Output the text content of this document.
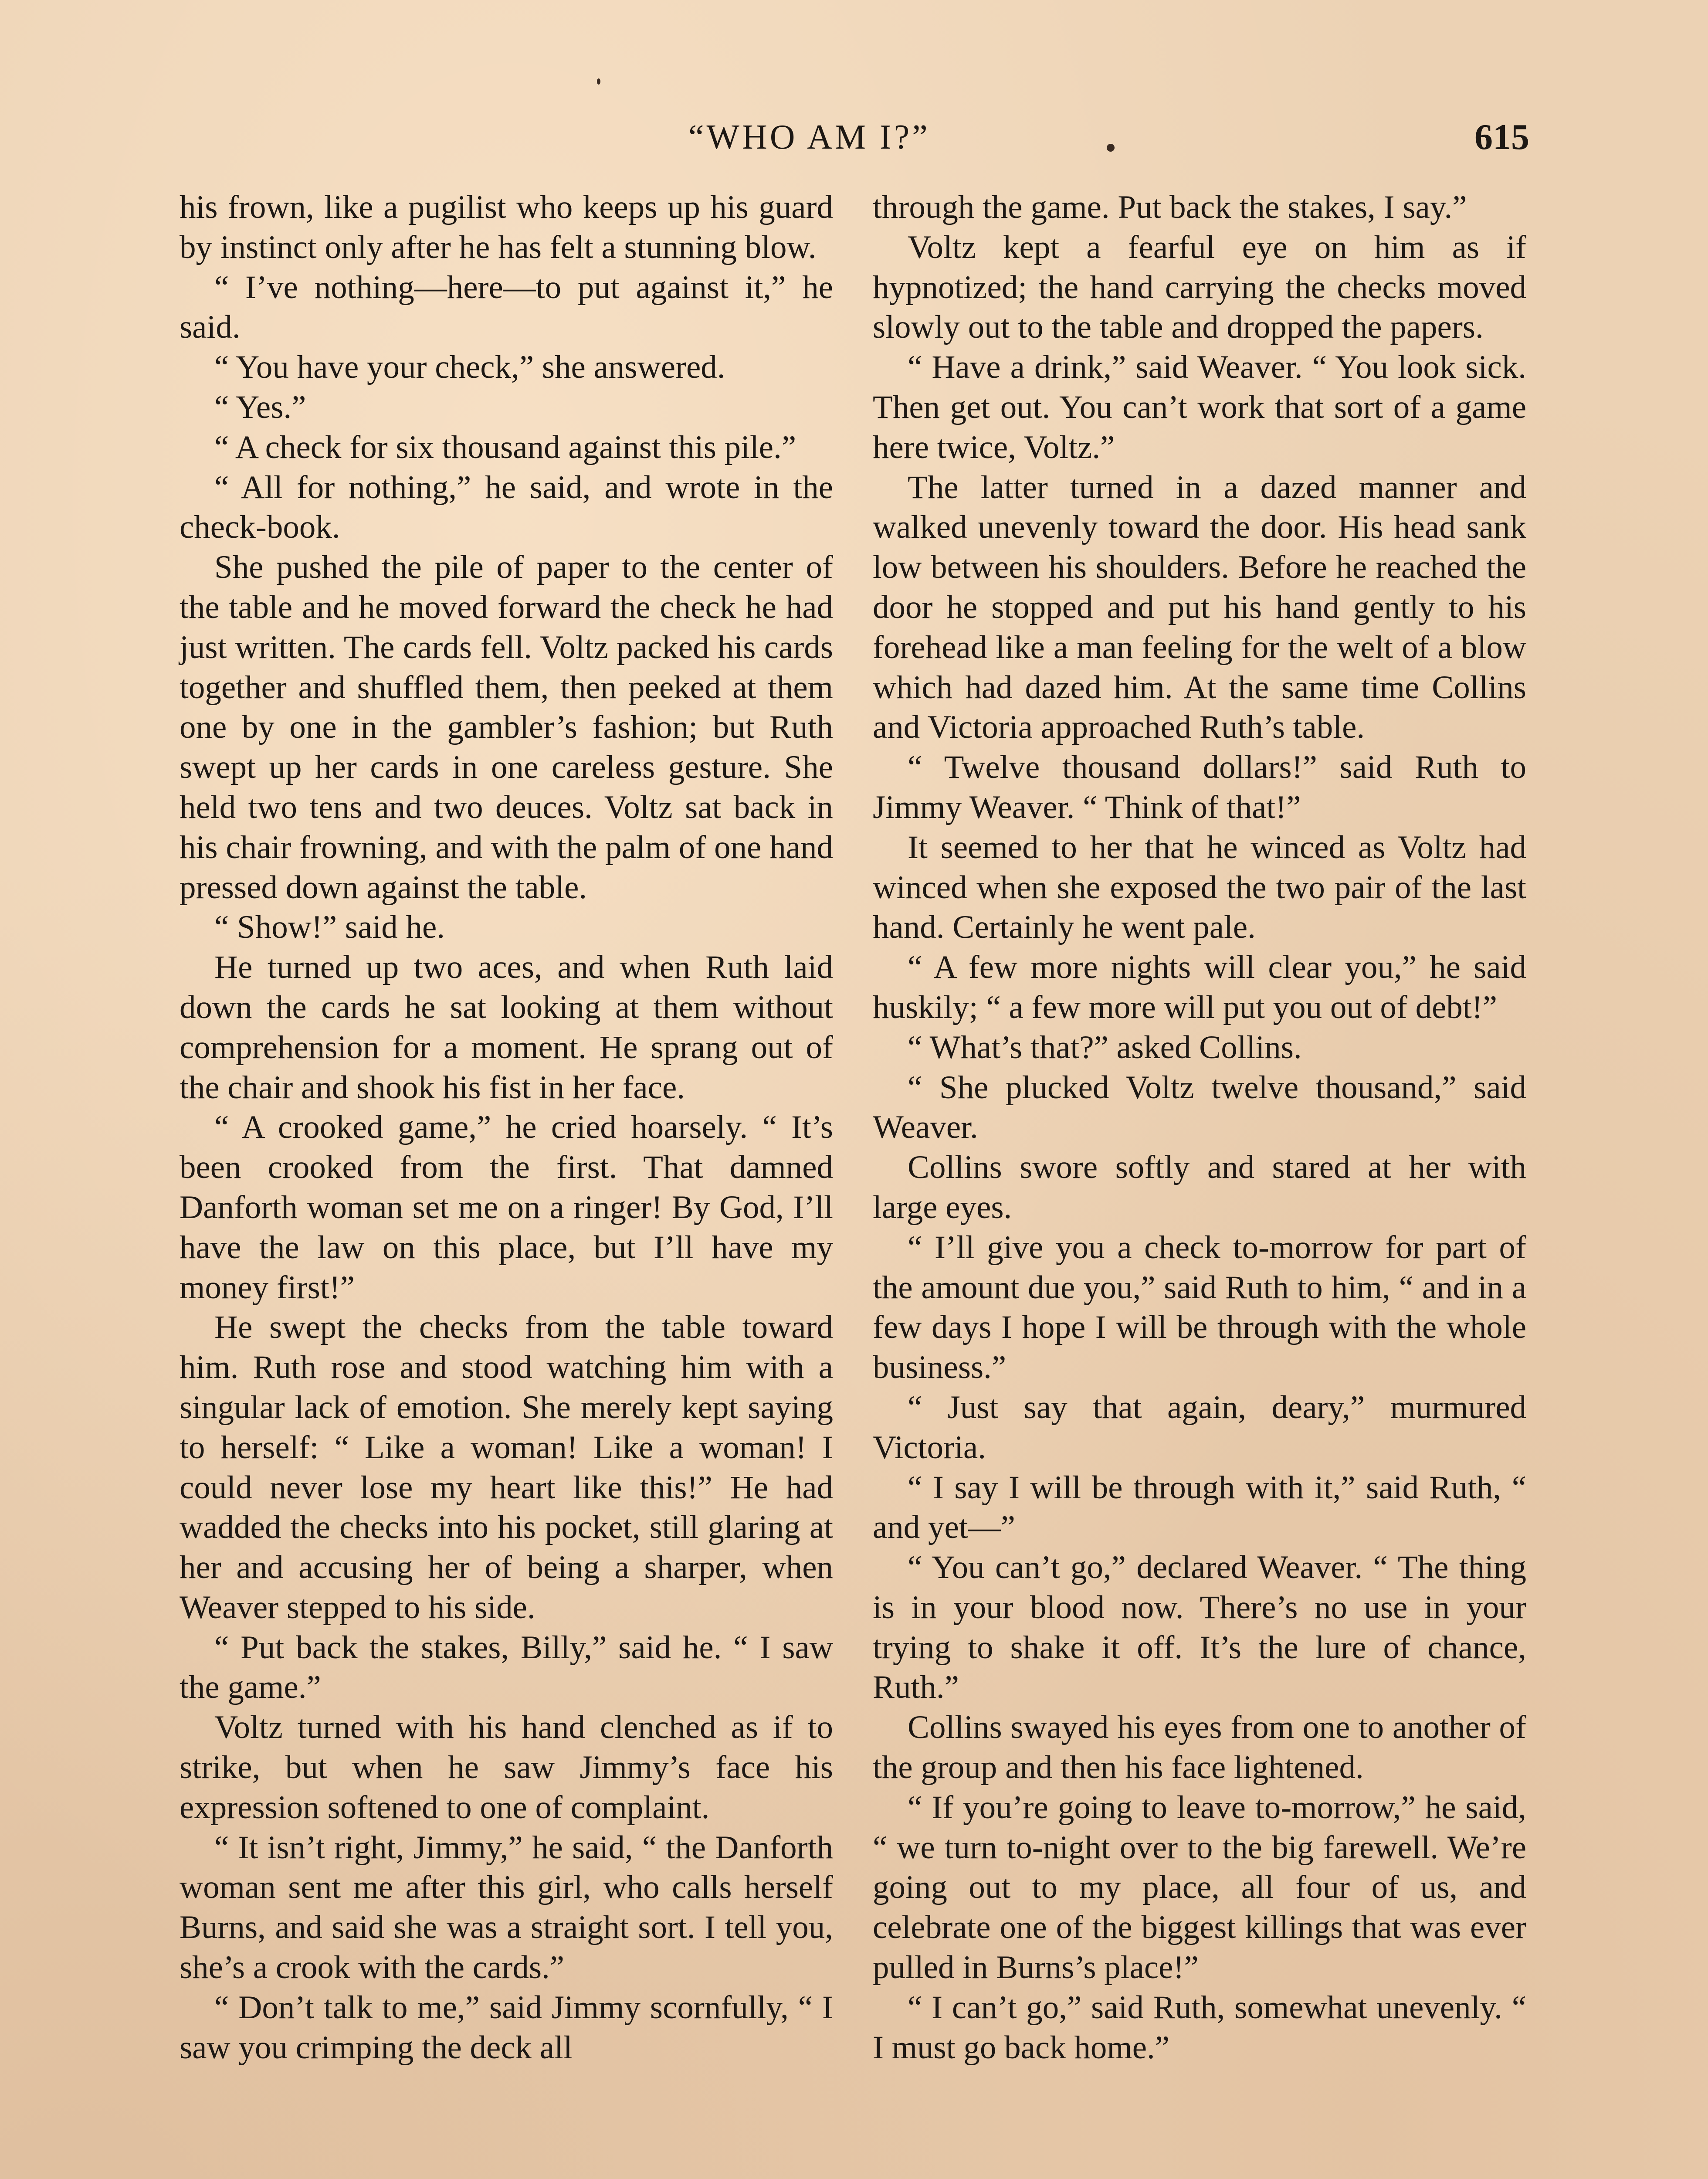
“WHO AM I?”	615

his frown, like a pugilist who keeps up his guard by instinct only after he has felt a stunning blow.

“ I’ve nothing—here—to put against it,” he said.

“ You have your check,” she answered.

“ Yes.”

“ A check for six thousand against this pile.”

“ All for nothing,” he said, and wrote in the check-book.

She pushed the pile of paper to the center of the table and he moved forward the check he had just written. The cards fell. Voltz packed his cards together and shuffled them, then peeked at them one by one in the gambler’s fashion; but Ruth swept up her cards in one careless gesture. She held two tens and two deuces. Voltz sat back in his chair frowning, and with the palm of one hand pressed down against the table.

“ Show!” said he.

He turned up two aces, and when Ruth laid down the cards he sat looking at them without comprehension for a moment. He sprang out of the chair and shook his fist in her face.

“ A crooked game,” he cried hoarsely. “ It’s been crooked from the first. That damned Danforth woman set me on a ringer! By God, I’ll have the law on this place, but I’ll have my money first!”

He swept the checks from the table toward him. Ruth rose and stood watching him with a singular lack of emotion. She merely kept saying to herself: “ Like a woman! Like a woman! I could never lose my heart like this!” He had wadded the checks into his pocket, still glaring at her and accusing her of being a sharper, when Weaver stepped to his side.

“ Put back the stakes, Billy,” said he. “ I saw the game.”

Voltz turned with his hand clenched as if to strike, but when he saw Jimmy’s face his expression softened to one of complaint.

“ It isn’t right, Jimmy,” he said, “ the Danforth woman sent me after this girl, who calls herself Burns, and said she was a straight sort. I tell you, she’s a crook with the cards.”

“ Don’t talk to me,” said Jimmy scornfully, “ I saw you crimping the deck all

through the game. Put back the stakes, I say.”

Voltz kept a fearful eye on him as if hypnotized; the hand carrying the checks moved slowly out to the table and dropped the papers.

“ Have a drink,” said Weaver. “ You look sick. Then get out. You can’t work that sort of a game here twice, Voltz.”

The latter turned in a dazed manner and walked unevenly toward the door. His head sank low between his shoulders. Before he reached the door he stopped and put his hand gently to his forehead like a man feeling for the welt of a blow which had dazed him. At the same time Collins and Victoria approached Ruth’s table.

“ Twelve thousand dollars!” said Ruth to Jimmy Weaver. “ Think of that!”

It seemed to her that he winced as Voltz had winced when she exposed the two pair of the last hand. Certainly he went pale.

“ A few more nights will clear you,” he said huskily; “ a few more will put you out of debt!”

“ What’s that?” asked Collins.

“ She plucked Voltz twelve thousand,” said Weaver.

Collins swore softly and stared at her with large eyes.

“ I’ll give you a check to-morrow for part of the amount due you,” said Ruth to him, “ and in a few days I hope I will be through with the whole business.”

“ Just say that again, deary,” murmured Victoria.

“ I say I will be through with it,” said Ruth, “ and yet—”

“ You can’t go,” declared Weaver. “ The thing is in your blood now. There’s no use in your trying to shake it off. It’s the lure of chance, Ruth.”

Collins swayed his eyes from one to another of the group and then his face lightened.

“ If you’re going to leave to-morrow,” he said, “ we turn to-night over to the big farewell. We’re going out to my place, all four of us, and celebrate one of the biggest killings that was ever pulled in Burns’s place!”

“ I can’t go,” said Ruth, somewhat unevenly. “ I must go back home.”
